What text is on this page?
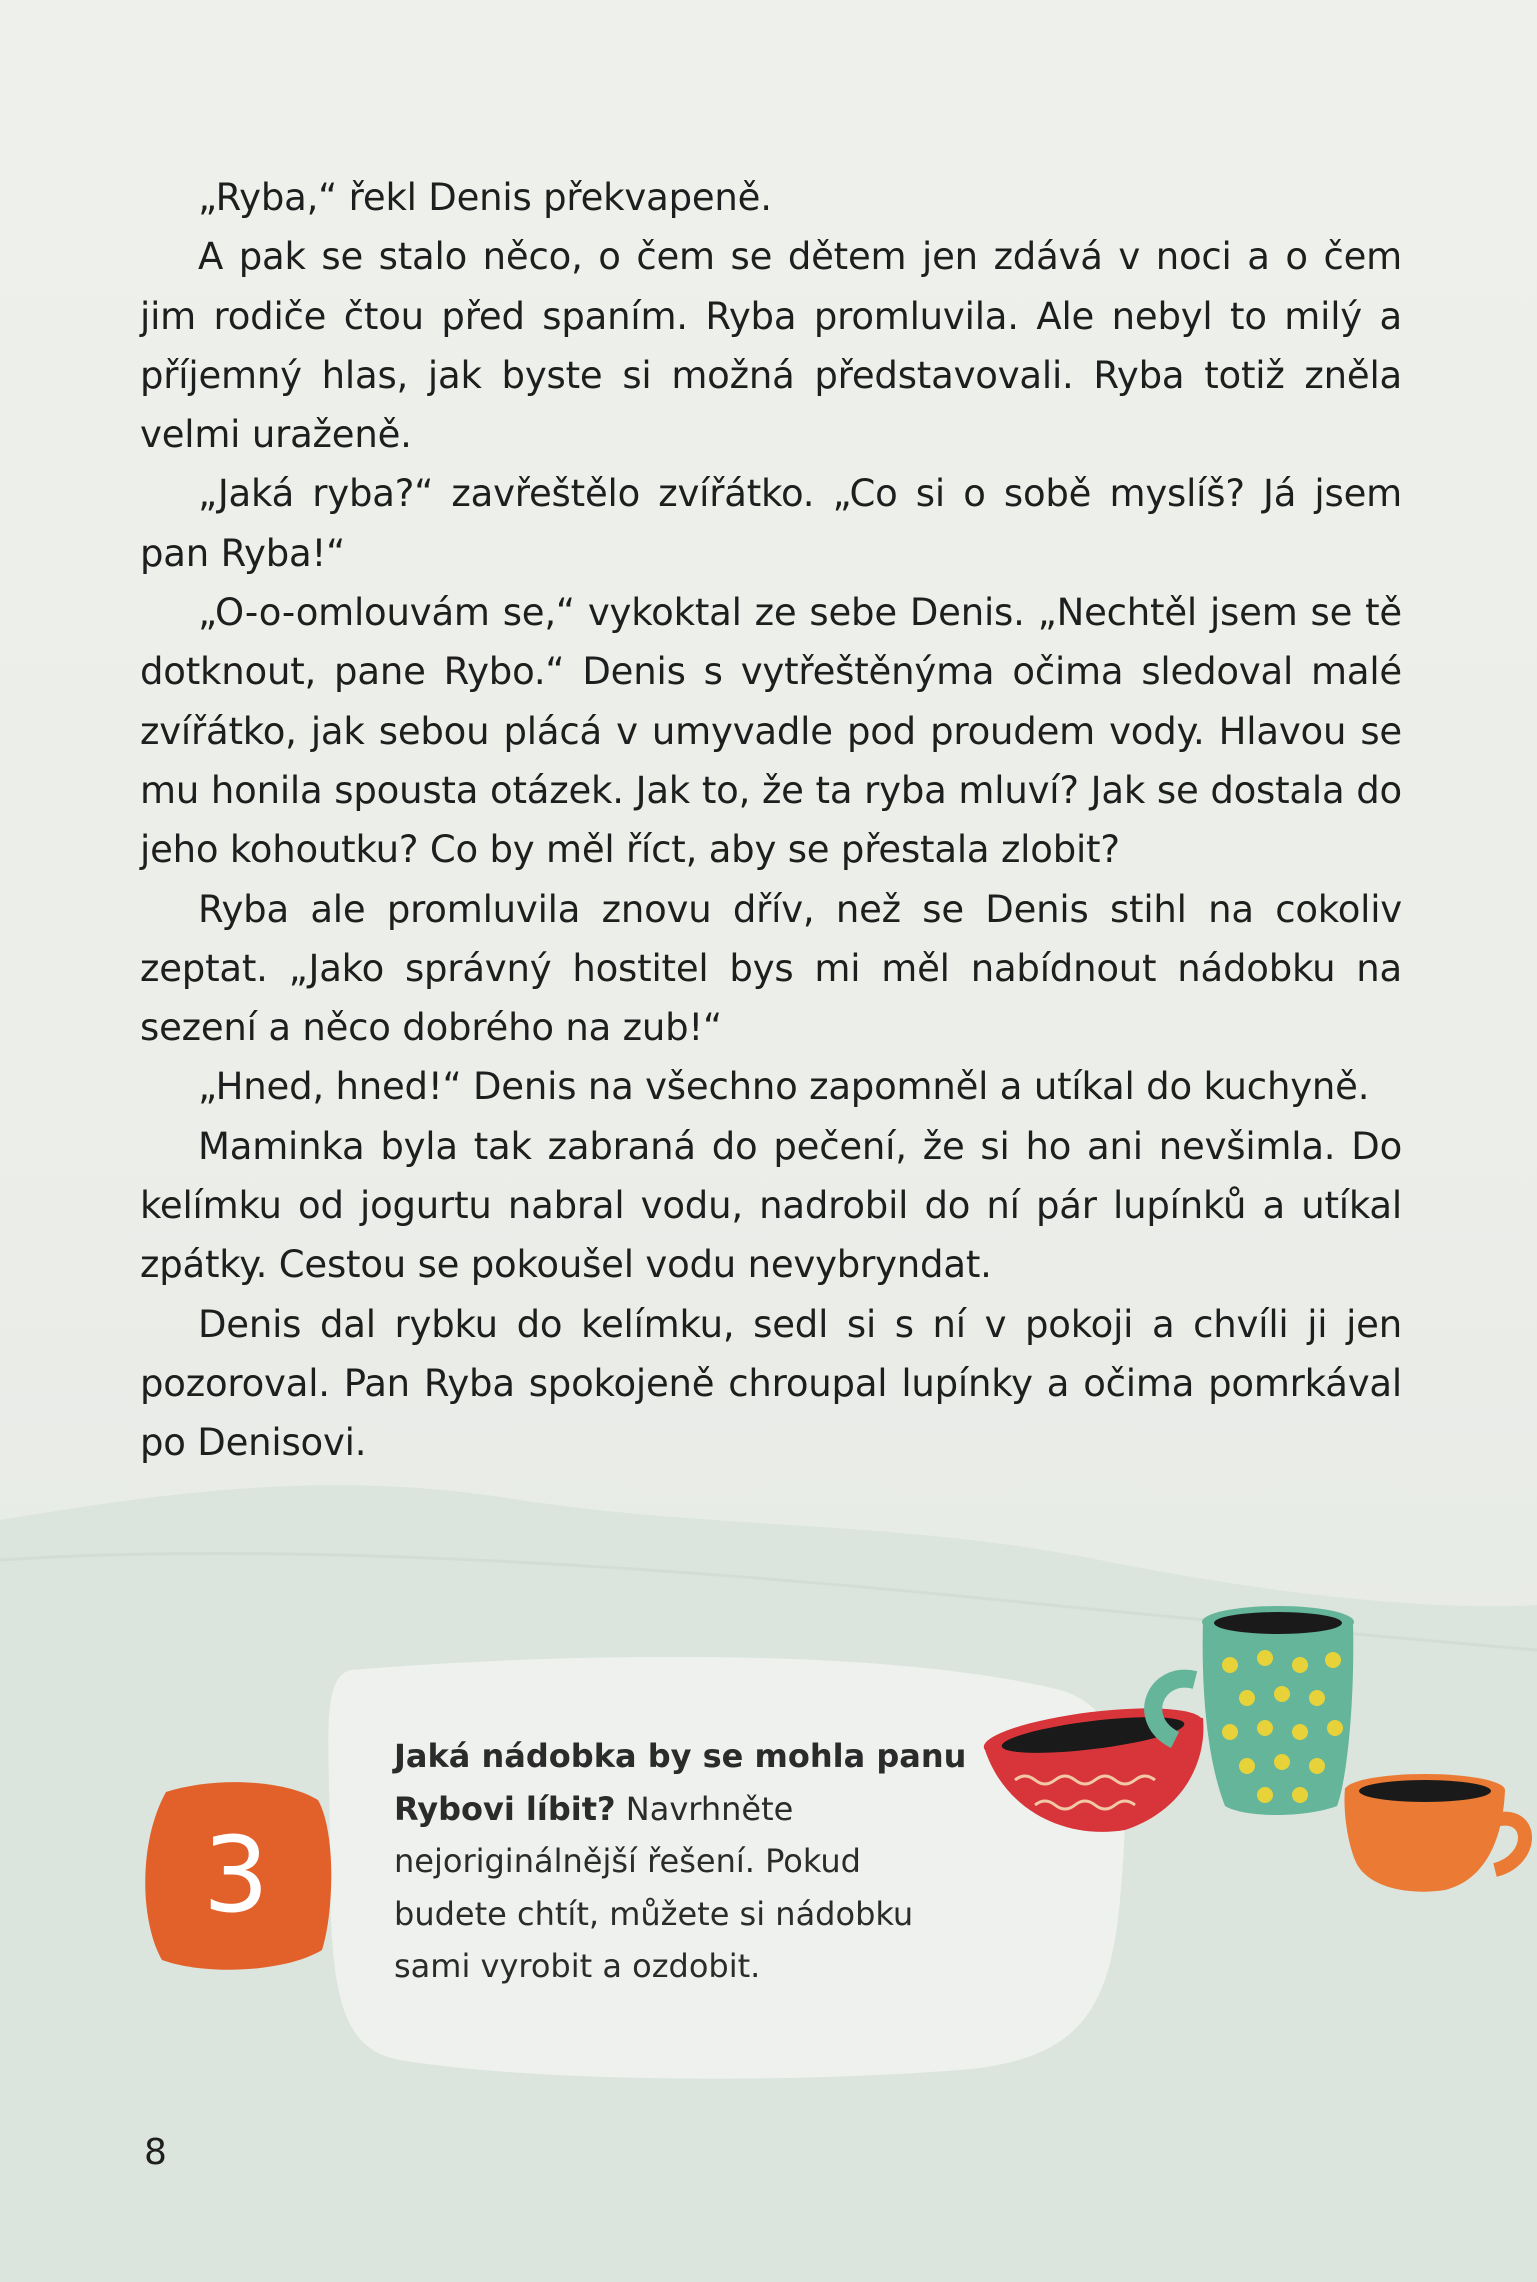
„Ryba,“ řekl Denis překvapeně.

A pak se stalo něco, o čem se dětem jen zdává v noci a o čem jim rodiče čtou před spaním. Ryba promluvila. Ale nebyl to milý a příjemný hlas, jak byste si možná představovali. Ryba totiž zněla velmi uraženě.

„Jaká ryba?“ zavřeštělo zvířátko. „Co si o sobě myslíš? Já jsem pan Ryba!“

„O-o-omlouvám se,“ vykoktal ze sebe Denis. „Nechtěl jsem se tě dotknout, pane Rybo.“ Denis s vytřeštěnýma očima sledoval malé zvířátko, jak sebou plácá v umyvadle pod proudem vody. Hlavou se mu honila spousta otázek. Jak to, že ta ryba mluví? Jak se dostala do jeho kohoutku? Co by měl říct, aby se přestala zlobit?

Ryba ale promluvila znovu dřív, než se Denis stihl na cokoliv zeptat. „Jako správný hostitel bys mi měl nabídnout nádobku na sezení a něco dobrého na zub!“

„Hned, hned!“ Denis na všechno zapomněl a utíkal do kuchyně.

Maminka byla tak zabraná do pečení, že si ho ani nevšimla. Do kelímku od jogurtu nabral vodu, nadrobil do ní pár lupínků a utíkal zpátky. Cestou se pokoušel vodu nevybryndat.

Denis dal rybku do kelímku, sedl si s ní v pokoji a chvíli ji jen pozoroval. Pan Ryba spokojeně chroupal lupínky a očima pomrkával po Denisovi.

3
Jaká nádobka by se mohla panu Rybovi líbit? Navrhněte nejoriginálnější řešení. Pokud budete chtít, můžete si nádobku sami vyrobit a ozdobit.
8
